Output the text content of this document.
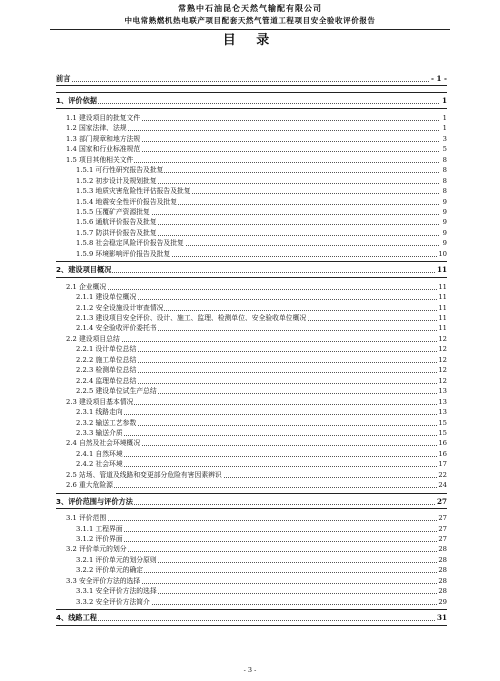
常熟中石油昆仑天然气输配有限公司
中电常熟燃机热电联产项目配套天然气管道工程项目安全验收评价报告
目 录
前言	- 1 -
1、评价依据	1
1.1 建设项目的批复文件	1
1.2 国家法律、法规	1
1.3 部门规章和地方法规	3
1.4 国家和行业标准规范	5
1.5 项目其他相关文件	8
1.5.1 可行性研究报告及批复	8
1.5.2 初步设计及规划批复	8
1.5.3 地质灾害危险性评估报告及批复	8
1.5.4 地震安全性评价报告及批复	9
1.5.5 压覆矿产资源批复	9
1.5.6 通航评价报告及批复	9
1.5.7 防洪评价报告及批复	9
1.5.8 社会稳定风险评价报告及批复	9
1.5.9 环境影响评价报告及批复	10
2、建设项目概况	11
2.1 企业概况	11
2.1.1 建设单位概况	11
2.1.2 安全设施设计审查情况	11
2.1.3 建设项目安全评价、设计、施工、监理、检测单位、安全验收单位概况	11
2.1.4 安全验收评价委托书	11
2.2 建设项目总结	12
2.2.1 设计单位总结	12
2.2.2 施工单位总结	12
2.2.3 检测单位总结	12
2.2.4 监理单位总结	12
2.2.5 建设单位试生产总结	13
2.3 建设项目基本情况	13
2.3.1 线路走向	13
2.3.2 输送工艺参数	15
2.3.3 输送介质	15
2.4 自然及社会环境概况	16
2.4.1 自然环境	16
2.4.2 社会环境	17
2.5 站场、管道及线路和变更部分危险有害因素辨识	22
2.6 重大危险源	24
3、评价范围与评价方法	27
3.1 评价范围	27
3.1.1 工程界面	27
3.1.2 评价界面	27
3.2 评价单元的划分	28
3.2.1 评价单元的划分原则	28
3.2.2 评价单元的确定	28
3.3 安全评价方法的选择	28
3.3.1 安全评价方法的选择	28
3.3.2 安全评价方法简介	29
4、线路工程	31
- 3 -
